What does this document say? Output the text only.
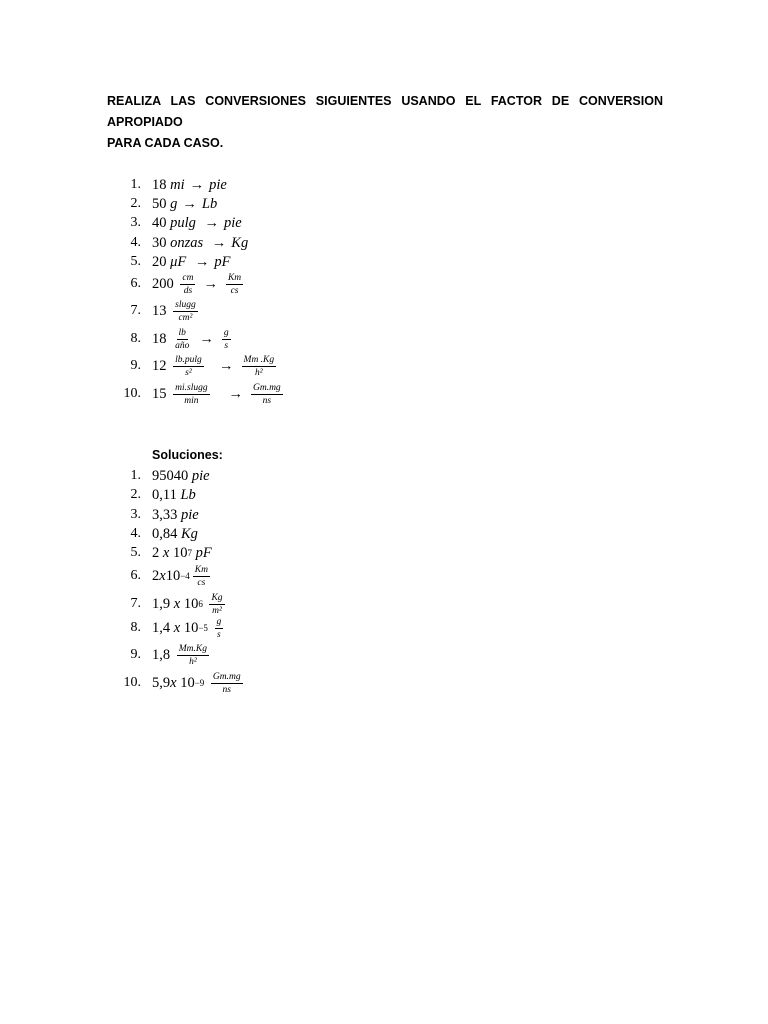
REALIZA LAS CONVERSIONES SIGUIENTES USANDO EL FACTOR DE CONVERSION APROPIADO
PARA CADA CASO.
1. 18
mi → pie
2. 50
g → Lb
3. 40
pulg → pie
4. 30
onzas → Kg
5. 20
μF → pF
6. 200
$\frac{cm}{ds} \to \frac{Km}{cs}$
7. 13
$\frac{\text{slugg}}{\text{cm²}}$
8. 18
$\frac{lb}{\text{año}} \to \frac{g}{s}$
9. 12
$\frac{lb.pulg}{\text{s²}} \to \frac{Mm .Kg}{\text{h²}}$
10. 15
$\frac{\text{mi.slugg}}{\min} \to \frac{Gm.mg}{ns}$
Soluciones:
1. 95040
pie
2. 0,11
Lb
3. 3,33
pie
4. 0,84
Kg
5. 2
x
10 7
pF
6. 2 x $10 -4 \frac{Km}{cs}$
7. 1,9
x
10 6
$\frac{Kg}{\text{m²}}$
8. 1,4
x
10 −5
$\frac{g}{s}$
9. 1,8
$\frac{Mm.Kg}{\text{h²}}$
10. 5,9 x
10 −9
$\frac{Gm.mg}{ns}$
